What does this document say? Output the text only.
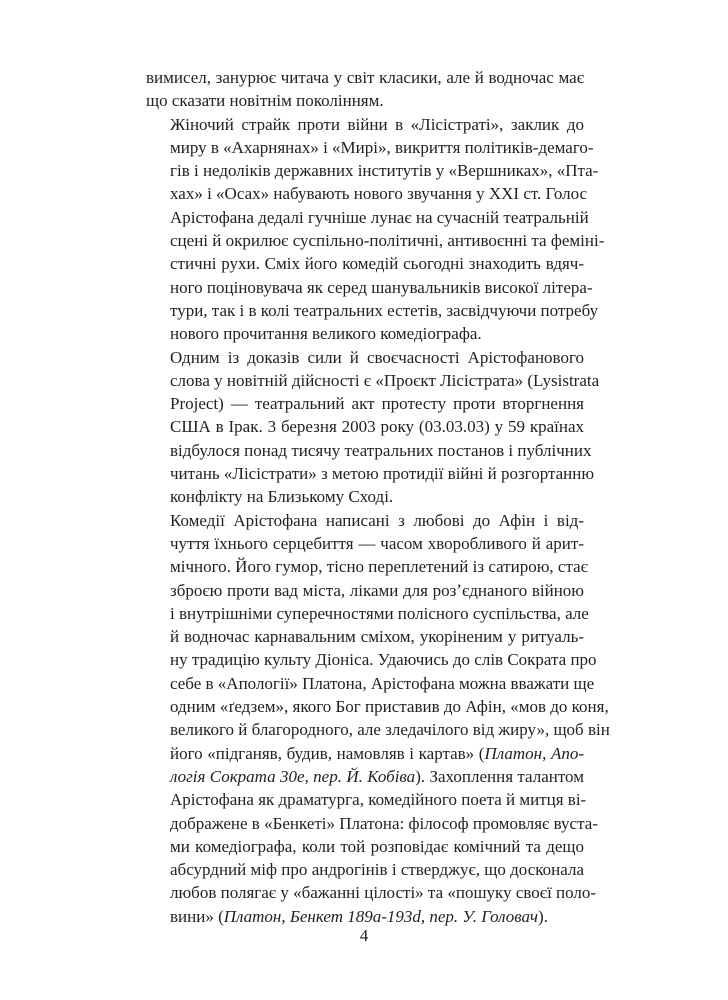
вимисел, занурює читача у світ класики, але й водночас має
що сказати новітнім поколінням.

Жіночий страйк проти війни в «Лісістраті», заклик до
миру в «Ахарнянах» і «Мирі», викриття політиків-демаго-
гів і недоліків державних інститутів у «Вершниках», «Пта-
хах» і «Осах» набувають нового звучання у XXI ст. Голос
Арістофана дедалі гучніше лунає на сучасній театральній
сцені й окрилює суспільно-політичні, антивоєнні та феміні-
стичні рухи. Сміх його комедій сьогодні знаходить вдяч-
ного поціновувача як серед шанувальників високої літера-
тури, так і в колі театральних естетів, засвідчуючи потребу
нового прочитання великого комедіографа.

Одним із доказів сили й своєчасності Арістофанового
слова у новітній дійсності є «Проєкт Лісістрата» (Lysistrata
Project) — театральний акт протесту проти вторгнення
США в Ірак. 3 березня 2003 року (03.03.03) у 59 країнах
відбулося понад тисячу театральних постанов і публічних
читань «Лісістрати» з метою протидії війні й розгортанню
конфлікту на Близькому Сході.

Комедії Арістофана написані з любові до Афін і від-
чуття їхнього серцебиття — часом хворобливого й арит-
мічного. Його гумор, тісно переплетений із сатирою, стає
зброєю проти вад міста, ліками для розʼєднаного війною
і внутрішніми суперечностями полісного суспільства, але
й водночас карнавальним сміхом, укоріненим у ритуаль-
ну традицію культу Діоніса. Удаючись до слів Сократа про
себе в «Апології» Платона, Арістофана можна вважати ще
одним «ґедзем», якого Бог приставив до Афін, «мов до коня,
великого й благородного, але зледачілого від жиру», щоб він
його «підганяв, будив, намовляв і картав» (Платон, Апо-
логія Сократа 30е, пер. Й. Кобіва). Захоплення талантом
Арістофана як драматурга, комедійного поета й митця ві-
дображене в «Бенкеті» Платона: філософ промовляє вуста-
ми комедіографа, коли той розповідає комічний та дещо
абсурдний міф про андрогінів і стверджує, що досконала
любов полягає у «бажанні цілості» та «пошуку своєї поло-
вини» (Платон, Бенкет 189а-193d, пер. У. Головач).

4
